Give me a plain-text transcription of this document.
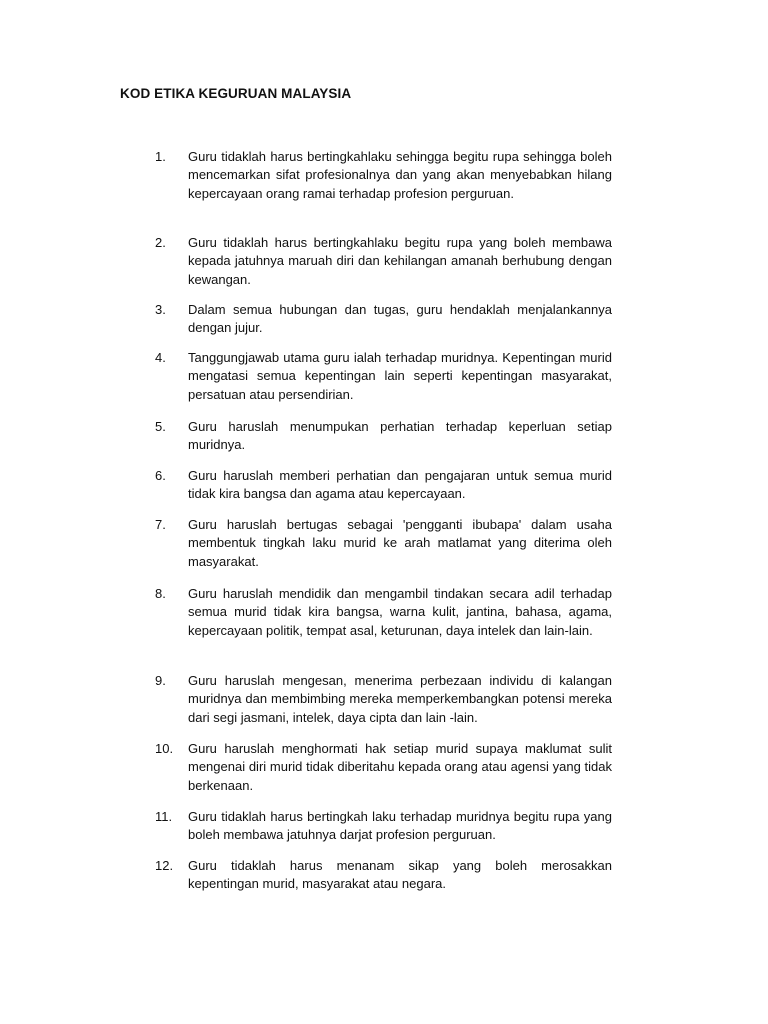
KOD ETIKA KEGURUAN MALAYSIA
1. Guru tidaklah harus bertingkahlaku sehingga begitu rupa sehingga boleh mencemarkan sifat profesionalnya dan yang akan menyebabkan hilang kepercayaan orang ramai terhadap profesion perguruan.
2. Guru tidaklah harus bertingkahlaku begitu rupa yang boleh membawa kepada jatuhnya maruah diri dan kehilangan amanah berhubung dengan kewangan.
3. Dalam semua hubungan dan tugas, guru hendaklah menjalankannya dengan jujur.
4. Tanggungjawab utama guru ialah terhadap muridnya. Kepentingan murid mengatasi semua kepentingan lain seperti kepentingan masyarakat, persatuan atau persendirian.
5. Guru haruslah menumpukan perhatian terhadap keperluan setiap muridnya.
6. Guru haruslah memberi perhatian dan pengajaran untuk semua murid tidak kira bangsa dan agama atau kepercayaan.
7. Guru haruslah bertugas sebagai 'pengganti ibubapa' dalam usaha membentuk tingkah laku murid ke arah matlamat yang diterima oleh masyarakat.
8. Guru haruslah mendidik dan mengambil tindakan secara adil terhadap semua murid tidak kira bangsa, warna kulit, jantina, bahasa, agama, kepercayaan politik, tempat asal, keturunan, daya intelek dan lain-lain.
9. Guru haruslah mengesan, menerima perbezaan individu di kalangan muridnya dan membimbing mereka memperkembangkan potensi mereka dari segi jasmani, intelek, daya cipta dan lain -lain.
10. Guru haruslah menghormati hak setiap murid supaya maklumat sulit mengenai diri murid tidak diberitahu kepada orang atau agensi yang tidak berkenaan.
11. Guru tidaklah harus bertingkah laku terhadap muridnya begitu rupa yang boleh membawa jatuhnya darjat profesion perguruan.
12. Guru tidaklah harus menanam sikap yang boleh merosakkan kepentingan murid, masyarakat atau negara.
